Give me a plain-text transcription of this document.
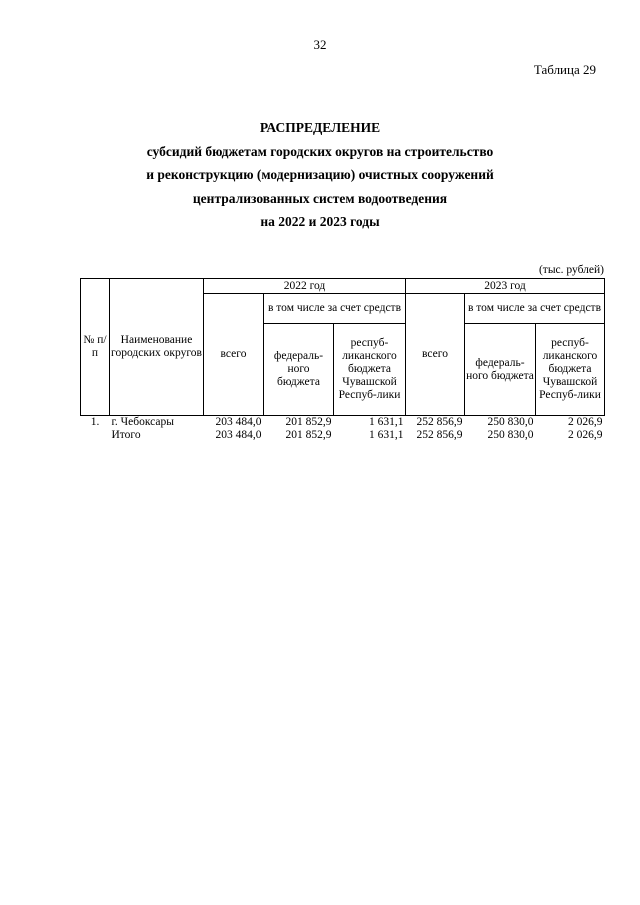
32
Таблица 29
РАСПРЕДЕЛЕНИЕ
субсидий бюджетам городских округов на строительство
и реконструкцию (модернизацию) очистных сооружений
централизованных систем водоотведения
на 2022 и 2023 годы
(тыс. рублей)
№ п/п	Наименование городских округов	2022 год			2023 год		
		всего	в том числе за счет средств		всего	в том числе за счет средств	
			федераль-ного бюджета	респуб-ликанского бюджета Чувашской Респуб-лики		федераль-ного бюджета	респуб-ликанского бюджета Чувашской Респуб-лики
1.	г. Чебоксары	203 484,0	201 852,9	1 631,1	252 856,9	250 830,0	2 026,9
	Итого	203 484,0	201 852,9	1 631,1	252 856,9	250 830,0	2 026,9
